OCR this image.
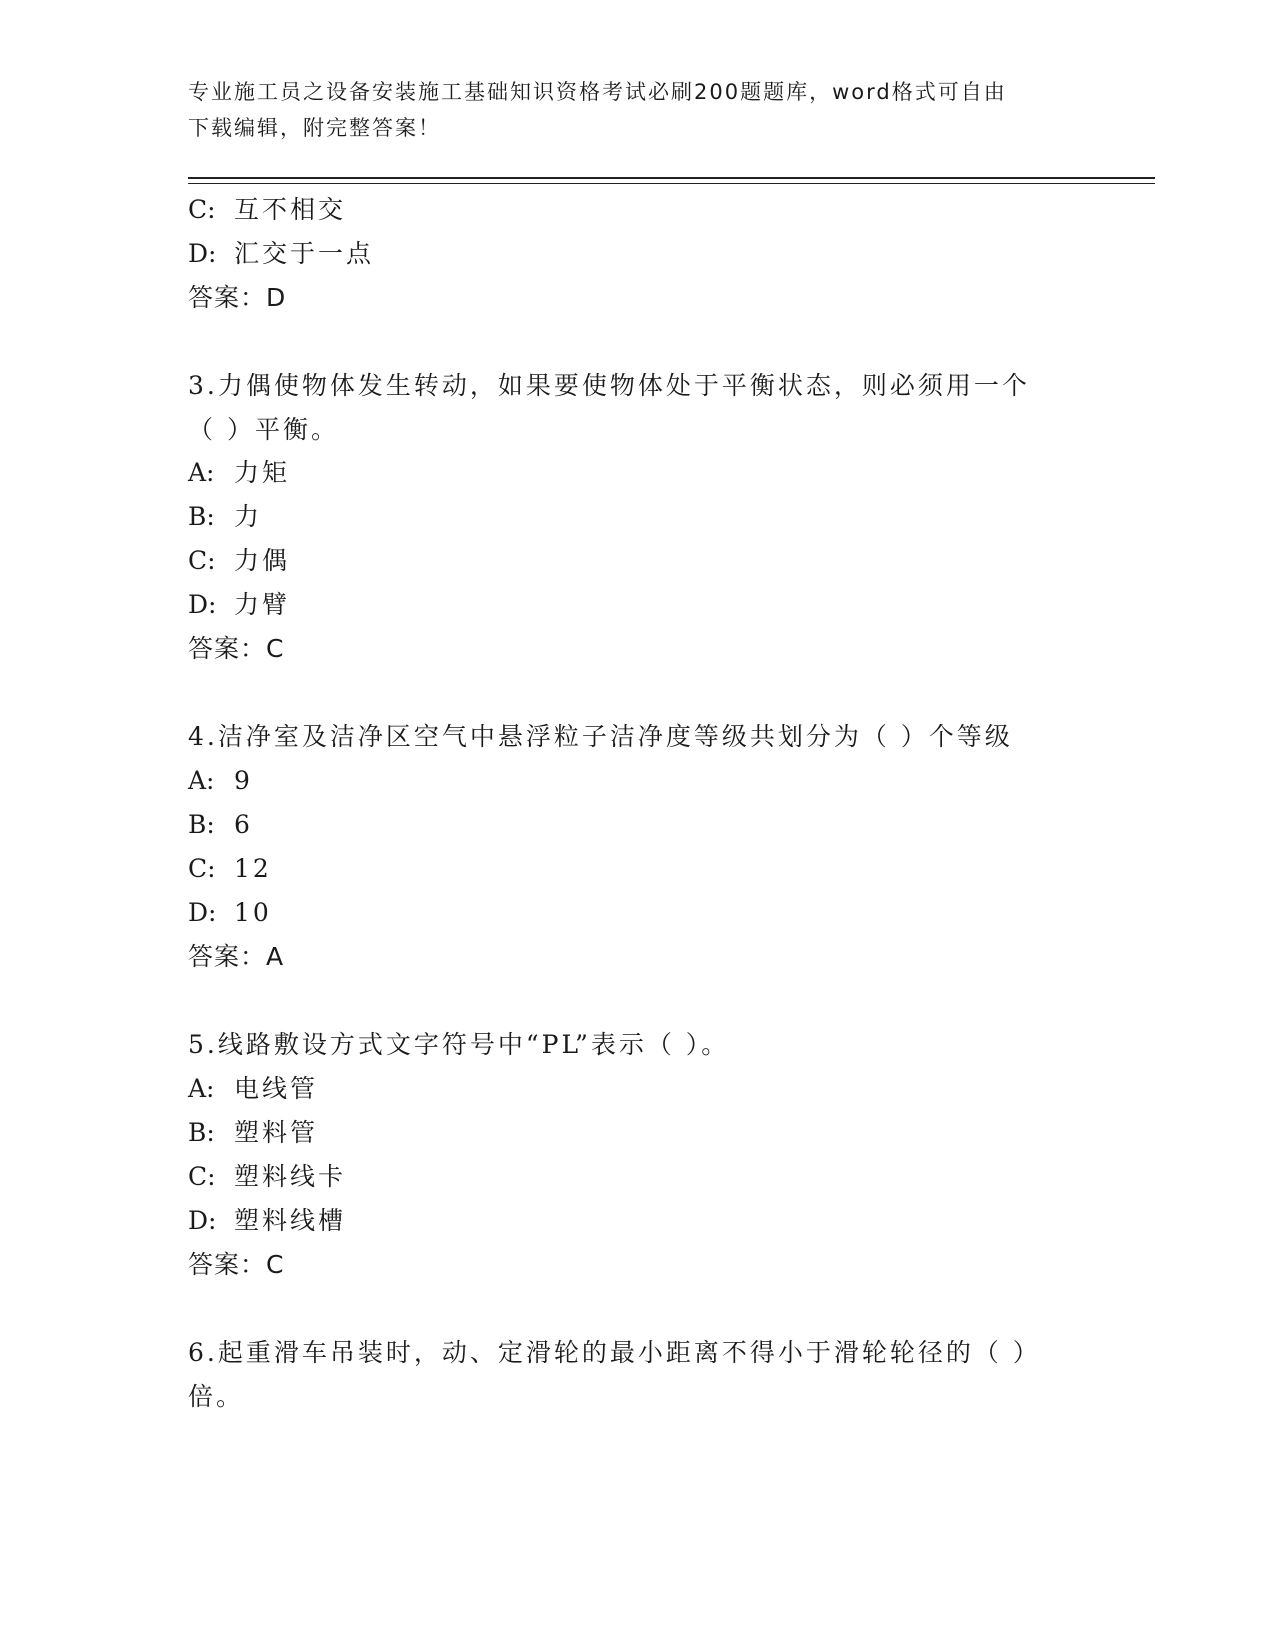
专业施工员之设备安装施工基础知识资格考试必刷200题题库，word格式可自由
下载编辑，附完整答案！
C: 互不相交
D: 汇交于一点
答案：D
3.力偶使物体发生转动，如果要使物体处于平衡状态，则必须用一个
（ ）平衡。
A: 力矩
B: 力
C: 力偶
D: 力臂
答案：C
4.洁净室及洁净区空气中悬浮粒子洁净度等级共划分为（ ）个等级
A: 9
B: 6
C: 12
D: 10
答案：A
5.线路敷设方式文字符号中“PL”表示（ ）。
A: 电线管
B: 塑料管
C: 塑料线卡
D: 塑料线槽
答案：C
6.起重滑车吊装时，动、定滑轮的最小距离不得小于滑轮轮径的（ ）
倍。
